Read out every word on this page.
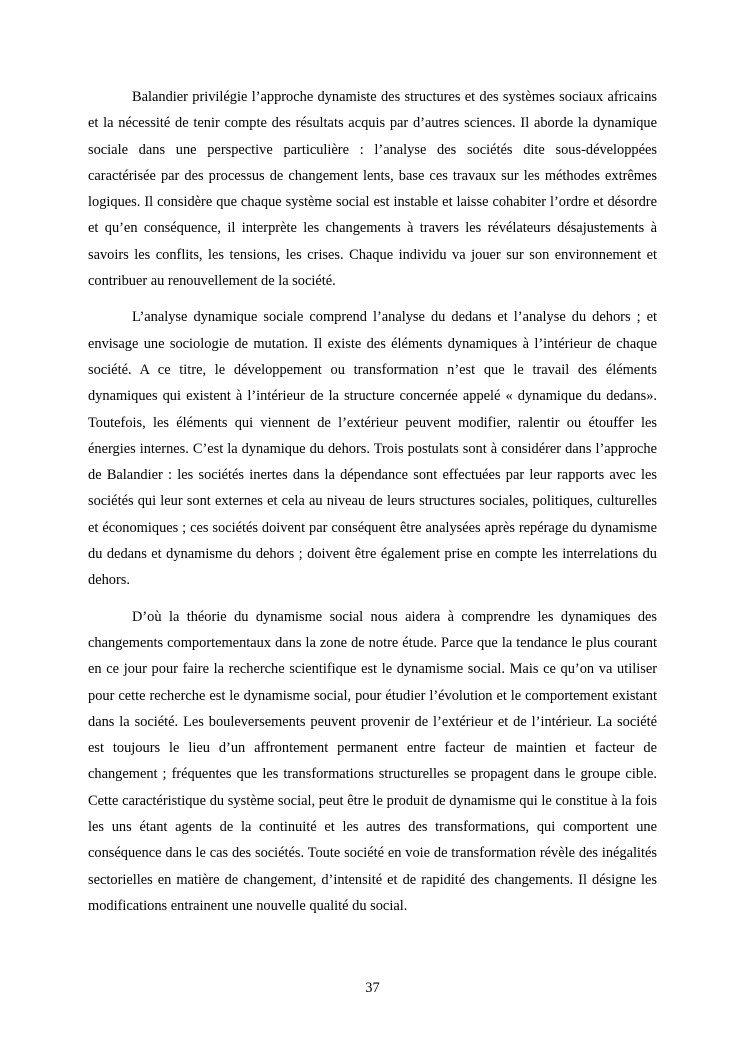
Balandier privilégie l’approche dynamiste des structures et des systèmes sociaux africains et la nécessité de tenir compte des résultats acquis par d’autres sciences. Il aborde la dynamique sociale dans une perspective particulière : l’analyse des sociétés dite sous-développées caractérisée par des processus de changement lents, base ces travaux sur les méthodes extrêmes logiques. Il considère que chaque système social est instable et laisse cohabiter l’ordre et désordre et qu’en conséquence, il interprète les changements à travers les révélateurs désajustements à savoirs les conflits, les tensions, les crises. Chaque individu va jouer sur son environnement et contribuer au renouvellement de la société.

L’analyse dynamique sociale comprend l’analyse du dedans et l’analyse du dehors ; et envisage une sociologie de mutation. Il existe des éléments dynamiques à l’intérieur de chaque société. A ce titre, le développement ou transformation n’est que le travail des éléments dynamiques qui existent à l’intérieur de la structure concernée appelé « dynamique du dedans». Toutefois, les éléments qui viennent de l’extérieur peuvent modifier, ralentir ou étouffer les énergies internes. C’est la dynamique du dehors. Trois postulats sont à considérer dans l’approche de Balandier : les sociétés inertes dans la dépendance sont effectuées par leur rapports avec les sociétés qui leur sont externes et cela au niveau de leurs structures sociales, politiques, culturelles et économiques ; ces sociétés doivent par conséquent être analysées après repérage du dynamisme du dedans et dynamisme du dehors ; doivent être également prise en compte les interrelations du dehors.

D’où la théorie du dynamisme social nous aidera à comprendre les dynamiques des changements comportementaux dans la zone de notre étude. Parce que la tendance le plus courant en ce jour pour faire la recherche scientifique est le dynamisme social. Mais ce qu’on va utiliser pour cette recherche est le dynamisme social, pour étudier l’évolution et le comportement existant dans la société. Les bouleversements peuvent provenir de l’extérieur et de l’intérieur. La société est toujours le lieu d’un affrontement permanent entre facteur de maintien et facteur de changement ; fréquentes que les transformations structurelles se propagent dans le groupe cible. Cette caractéristique du système social, peut être le produit de dynamisme qui le constitue à la fois les uns étant agents de la continuité et les autres des transformations, qui comportent une conséquence dans le cas des sociétés. Toute société en voie de transformation révèle des inégalités sectorielles en matière de changement, d’intensité et de rapidité des changements. Il désigne les modifications entrainent une nouvelle qualité du social.

37
